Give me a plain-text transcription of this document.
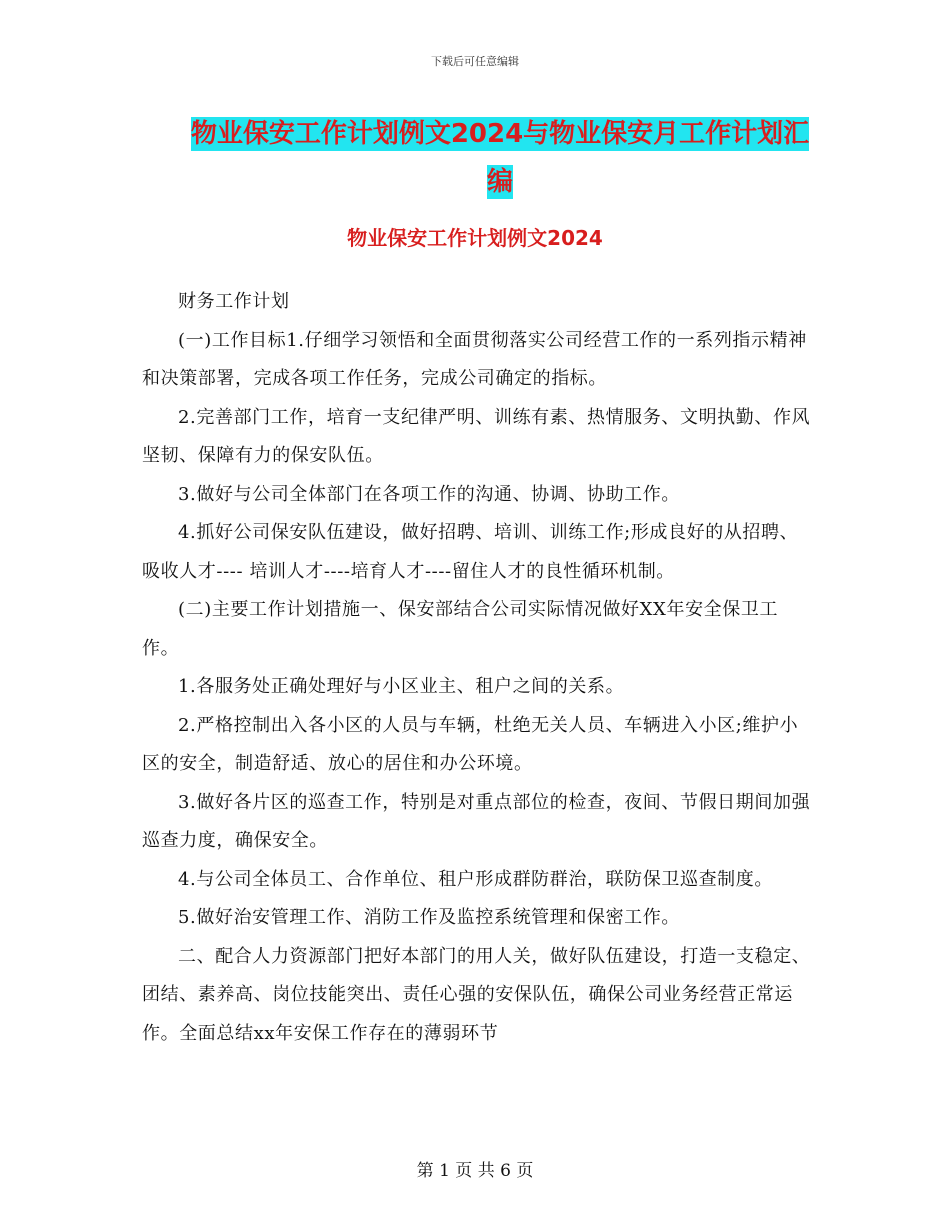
下载后可任意编辑
物业保安工作计划例文2024与物业保安月工作计划汇
编
物业保安工作计划例文2024

财务工作计划

(一)工作目标1.仔细学习领悟和全面贯彻落实公司经营工作的一系列指示精神和决策部署，完成各项工作任务，完成公司确定的指标。

2.完善部门工作，培育一支纪律严明、训练有素、热情服务、文明执勤、作风坚韧、保障有力的保安队伍。

3.做好与公司全体部门在各项工作的沟通、协调、协助工作。

4.抓好公司保安队伍建设，做好招聘、培训、训练工作;形成良好的从招聘、吸收人才---- 培训人才----培育人才----留住人才的良性循环机制。

(二)主要工作计划措施一、保安部结合公司实际情况做好XX年安全保卫工作。

1.各服务处正确处理好与小区业主、租户之间的关系。

2.严格控制出入各小区的人员与车辆，杜绝无关人员、车辆进入小区;维护小区的安全，制造舒适、放心的居住和办公环境。

3.做好各片区的巡查工作，特别是对重点部位的检查，夜间、节假日期间加强巡查力度，确保安全。

4.与公司全体员工、合作单位、租户形成群防群治，联防保卫巡查制度。

5.做好治安管理工作、消防工作及监控系统管理和保密工作。

二、配合人力资源部门把好本部门的用人关，做好队伍建设，打造一支稳定、团结、素养高、岗位技能突出、责任心强的安保队伍，确保公司业务经营正常运作。全面总结xx年安保工作存在的薄弱环节

第 1 页 共 6 页
